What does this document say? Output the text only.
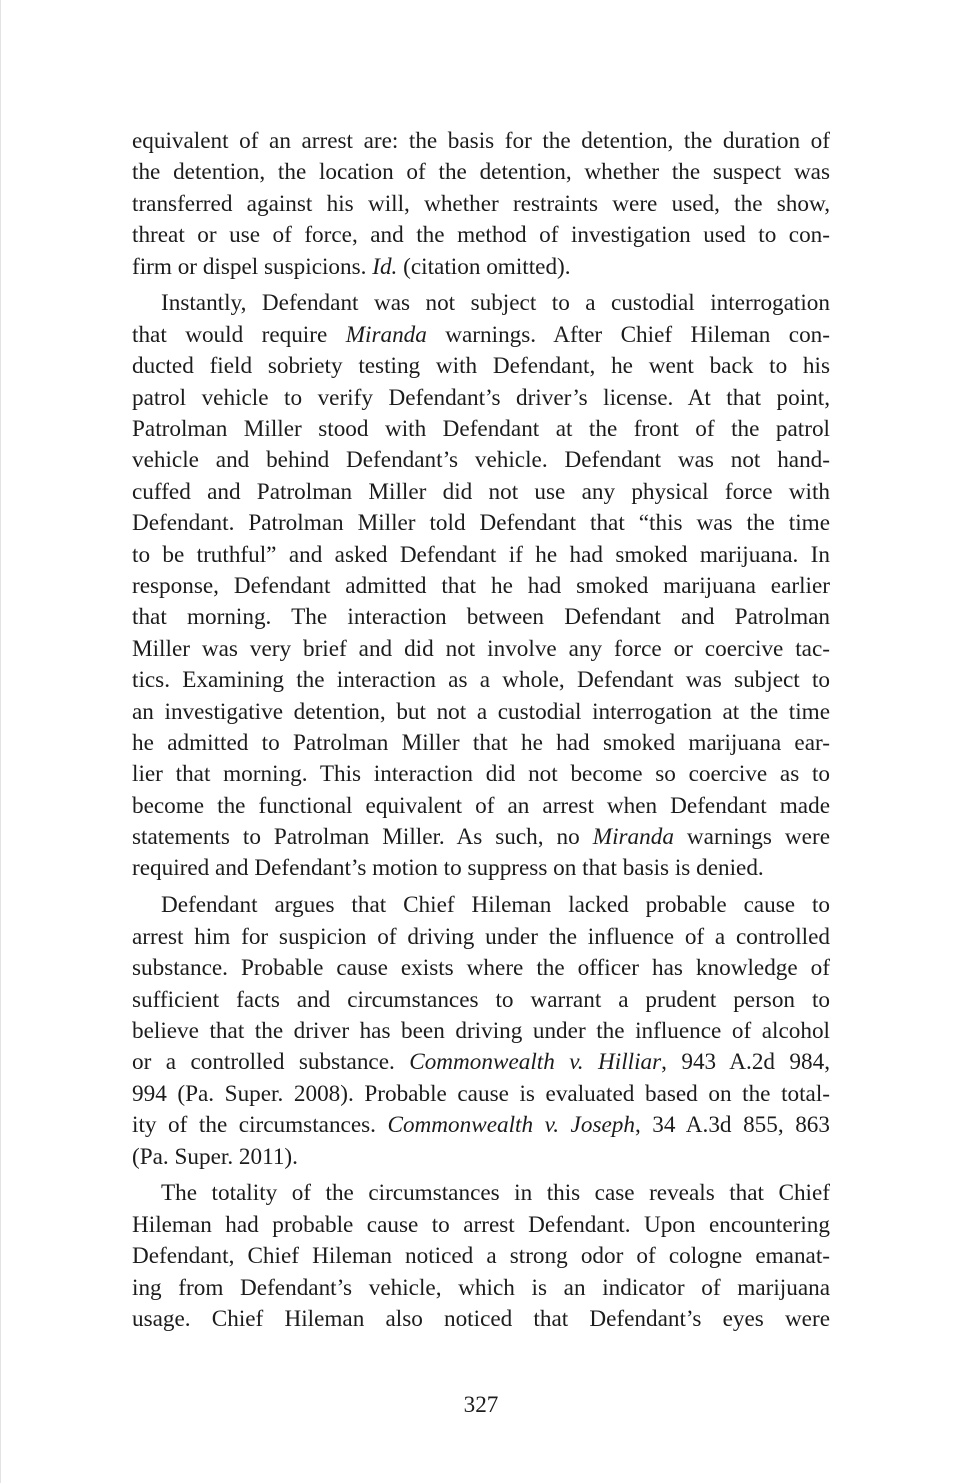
equivalent of an arrest are: the basis for the detention, the duration of
the detention, the location of the detention, whether the suspect was
transferred against his will, whether restraints were used, the show,
threat or use of force, and the method of investigation used to con-
firm or dispel suspicions. Id. (citation omitted).
Instantly, Defendant was not subject to a custodial interrogation
that would require Miranda warnings. After Chief Hileman con-
ducted field sobriety testing with Defendant, he went back to his
patrol vehicle to verify Defendant’s driver’s license. At that point,
Patrolman Miller stood with Defendant at the front of the patrol
vehicle and behind Defendant’s vehicle. Defendant was not hand-
cuffed and Patrolman Miller did not use any physical force with
Defendant. Patrolman Miller told Defendant that “this was the time
to be truthful” and asked Defendant if he had smoked marijuana. In
response, Defendant admitted that he had smoked marijuana earlier
that morning. The interaction between Defendant and Patrolman
Miller was very brief and did not involve any force or coercive tac-
tics. Examining the interaction as a whole, Defendant was subject to
an investigative detention, but not a custodial interrogation at the time
he admitted to Patrolman Miller that he had smoked marijuana ear-
lier that morning. This interaction did not become so coercive as to
become the functional equivalent of an arrest when Defendant made
statements to Patrolman Miller. As such, no Miranda warnings were
required and Defendant’s motion to suppress on that basis is denied.
Defendant argues that Chief Hileman lacked probable cause to
arrest him for suspicion of driving under the influence of a controlled
substance. Probable cause exists where the officer has knowledge of
sufficient facts and circumstances to warrant a prudent person to
believe that the driver has been driving under the influence of alcohol
or a controlled substance. Commonwealth v. Hilliar, 943 A.2d 984,
994 (Pa. Super. 2008). Probable cause is evaluated based on the total-
ity of the circumstances. Commonwealth v. Joseph, 34 A.3d 855, 863
(Pa. Super. 2011).
The totality of the circumstances in this case reveals that Chief
Hileman had probable cause to arrest Defendant. Upon encountering
Defendant, Chief Hileman noticed a strong odor of cologne emanat-
ing from Defendant’s vehicle, which is an indicator of marijuana
usage. Chief Hileman also noticed that Defendant’s eyes were
327
